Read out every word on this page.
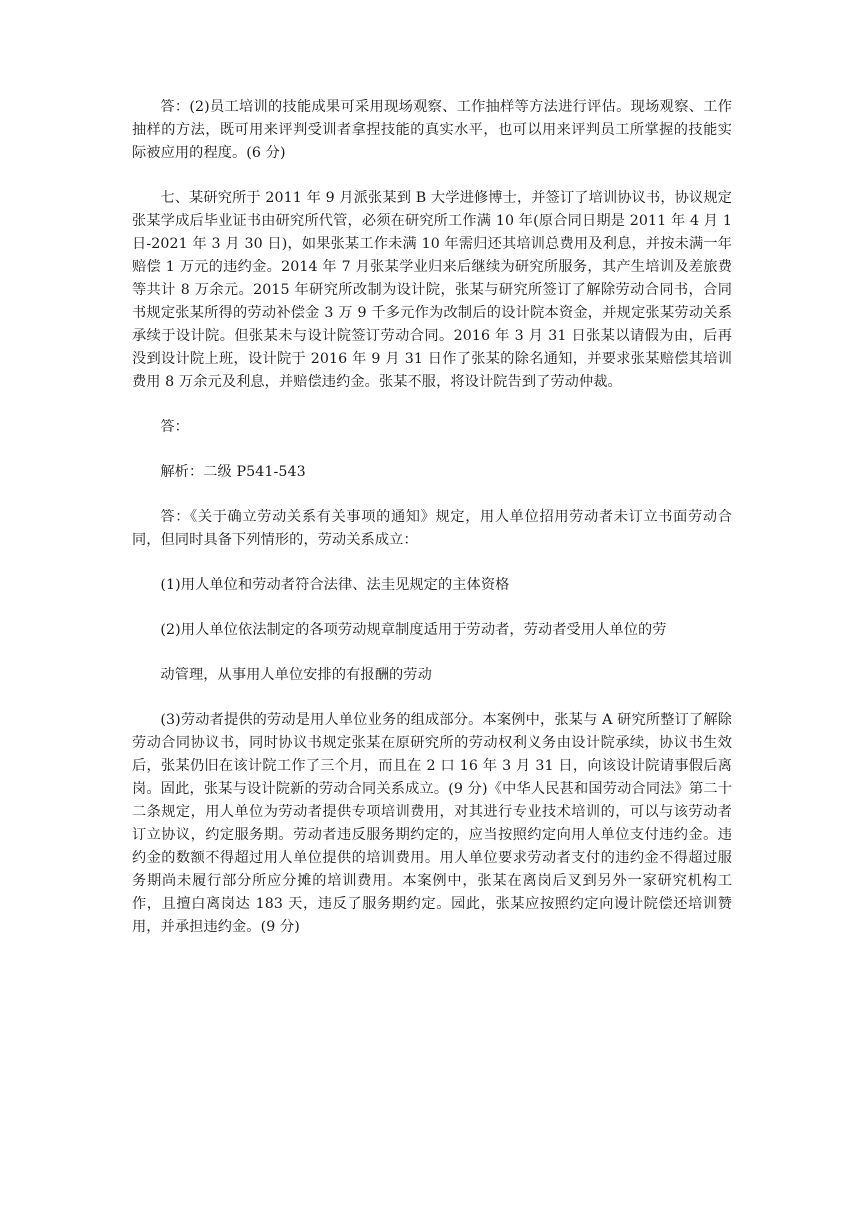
答：(2)员工培训的技能成果可采用现场观察、工作抽样等方法进行评估。现场观察、工作抽样的方法，既可用来评判受训者拿捏技能的真实水平，也可以用来评判员工所掌握的技能实际被应用的程度。(6 分)

七、某研究所于 2011 年 9 月派张某到 B 大学进修博士，并签订了培训协议书，协议规定张某学成后毕业证书由研究所代管，必须在研究所工作满 10 年(原合同日期是 2011 年 4 月 1 日-2021 年 3 月 30 日)，如果张某工作未满 10 年需归还其培训总费用及利息，并按未满一年赔偿 1 万元的违约金。2014 年 7 月张某学业归来后继续为研究所服务，其产生培训及差旅费等共计 8 万余元。2015 年研究所改制为设计院，张某与研究所签订了解除劳动合同书，合同书规定张某所得的劳动补偿金 3 万 9 千多元作为改制后的设计院本资金，并规定张某劳动关系承续于设计院。但张某未与设计院签订劳动合同。2016 年 3 月 31 日张某以请假为由，后再没到设计院上班，设计院于 2016 年 9 月 31 日作了张某的除名通知，并要求张某赔偿其培训费用 8 万余元及利息，并赔偿违约金。张某不服，将设计院告到了劳动仲裁。

答：

解析：二级 P541-543

答：《关于确立劳动关系有关事项的通知》规定，用人单位招用劳动者未订立书面劳动合同，但同时具备下列情形的，劳动关系成立：

(1)用人单位和劳动者符合法律、法圭见规定的主体资格

(2)用人单位依法制定的各项劳动规章制度适用于劳动者，劳动者受用人单位的劳

动管理，从事用人单位安排的有报酬的劳动

(3)劳动者提供的劳动是用人单位业务的组成部分。本案例中，张某与 A 研究所整订了解除劳动合同协议书，同时协议书规定张某在原研究所的劳动权利义务由设计院承续，协议书生效后，张某仍旧在该计院工作了三个月，而且在 2 口 16 年 3 月 31 日，向该设计院请事假后离岗。固此，张某与设计院新的劳动合同关系成立。(9 分)《中华人民甚和国劳动合同法》第二十二条规定，用人单位为劳动者提供专项培训费用，对其进行专业技术培训的，可以与该劳动者订立协议，约定服务期。劳动者违反服务期约定的，应当按照约定向用人单位支付违约金。违约金的数额不得超过用人单位提供的培训费用。用人单位要求劳动者支付的违约金不得超过服务期尚未履行部分所应分摊的培训费用。本案例中，张某在离岗后叉到另外一家研究机构工作，且擅白离岗达 183 天，违反了服务期约定。园此，张某应按照约定向谩计院偿还培训赞用，并承担违约金。(9 分)
